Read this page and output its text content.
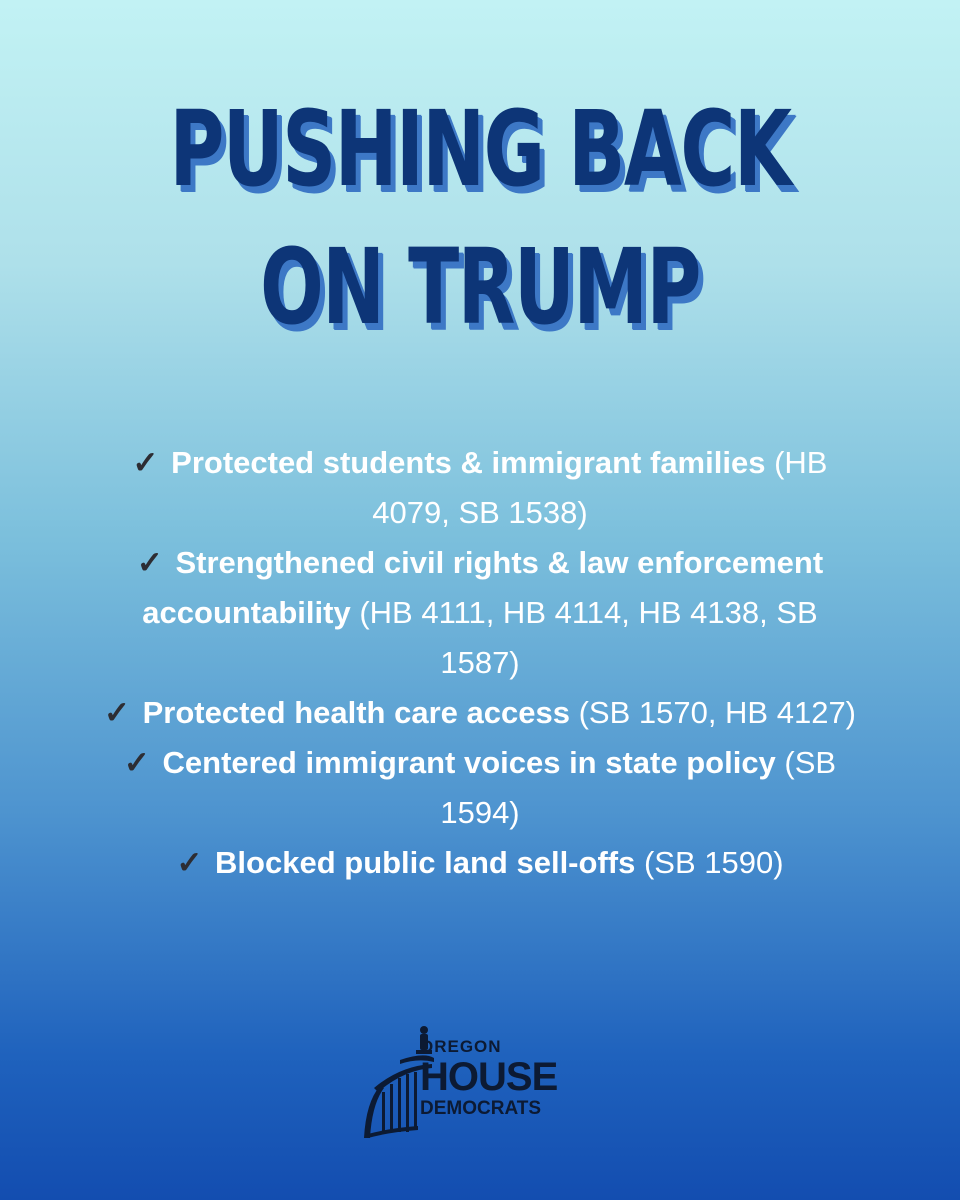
PUSHING BACK
ON TRUMP
✓ Protected students & immigrant families (HB 4079, SB 1538)
✓ Strengthened civil rights & law enforcement accountability (HB 4111, HB 4114, HB 4138, SB 1587)
✓ Protected health care access (SB 1570, HB 4127)
✓ Centered immigrant voices in state policy (SB 1594)
✓ Blocked public land sell-offs (SB 1590)
OREGON
HOUSE
DEMOCRATS
